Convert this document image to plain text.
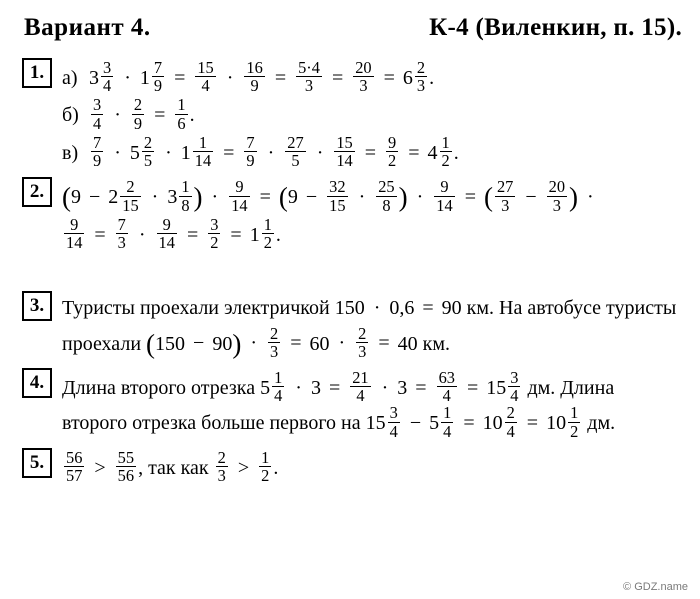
Вариант 4.	К-4 (Виленкин, п. 15).
1. а) $3 \frac{3}{4} \cdot 1 \frac{7}{9} = \frac{15}{4} \cdot \frac{16}{9} = \frac{5\cdot 4}{3} = \frac{20}{3} = 6 \frac{2}{3}$ .
$б) \frac{3}{4} \cdot \frac{2}{9} = \frac{1}{6}$ .
$в) \frac{7}{9} \cdot 5 \frac{2}{5} \cdot 1 \frac{1}{14} = \frac{7}{9} \cdot \frac{27}{5} \cdot \frac{15}{14} = \frac{9}{2} = 4 \frac{1}{2}$ .
2. ($9 - 2 \frac{2}{15} \cdot 3 \frac{1}{8}$ ) · $\frac{9}{14} = (9 - \frac{32}{15} \cdot \frac{25}{8}$ ) · $\frac{9}{14}$ = ( $\frac{27}{3} - \frac{20}{3}$ ) ·
$\frac{9}{14} = \frac{7}{3} \cdot \frac{9}{14} = \frac{3}{2} = 1 \frac{1}{2}$ .
3. Туристы проехали электричкой 150 · 0,6 = 90 км. На автобусе туристы проехали $(150 - 90) \cdot \frac{2}{3} = 60 \cdot \frac{2}{3} = 40$ км.
4. Длина второго отрезка $5 \frac{1}{4} \cdot 3 = \frac{21}{4} \cdot 3 = \frac{63}{4} = 15 \frac{3}{4}$ дм. Длина второго отрезка больше первого на $15 \frac{3}{4} - 5 \frac{1}{4} = 10 \frac{2}{4} = 10 \frac{1}{2}$ дм.
5.	$\frac{56}{57} > \frac{55}{56}$ , так как $\frac{2}{3} > \frac{1}{2}$ .
© GDZ.name
